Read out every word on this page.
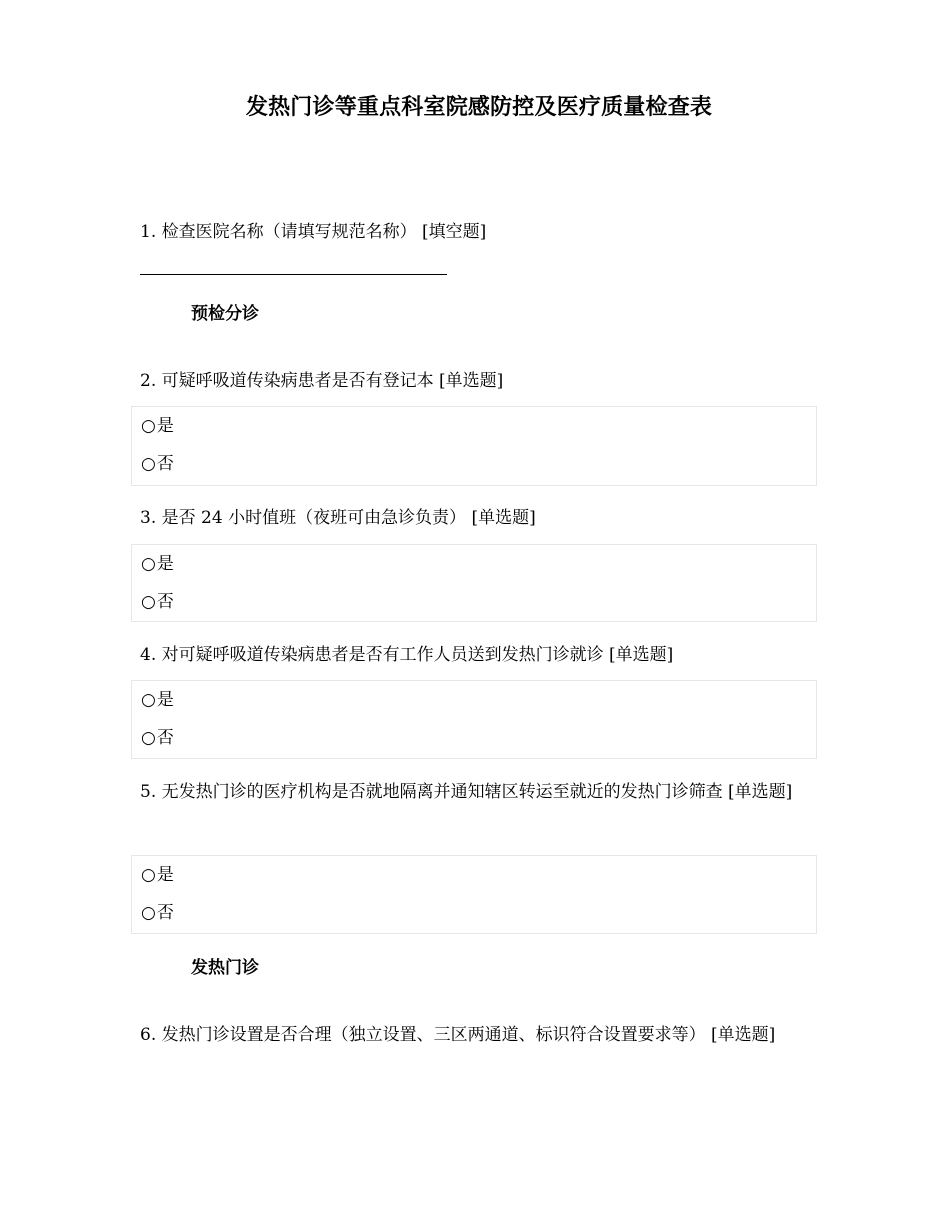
发热门诊等重点科室院感防控及医疗质量检查表
1. 检查医院名称（请填写规范名称） [填空题]
预检分诊
2. 可疑呼吸道传染病患者是否有登记本 [单选题]
○是
○否
3. 是否 24 小时值班（夜班可由急诊负责） [单选题]
○是
○否
4. 对可疑呼吸道传染病患者是否有工作人员送到发热门诊就诊 [单选题]
○是
○否
5. 无发热门诊的医疗机构是否就地隔离并通知辖区转运至就近的发热门诊筛查 [单选题]
○是
○否
发热门诊
6. 发热门诊设置是否合理（独立设置、三区两通道、标识符合设置要求等） [单选题]
